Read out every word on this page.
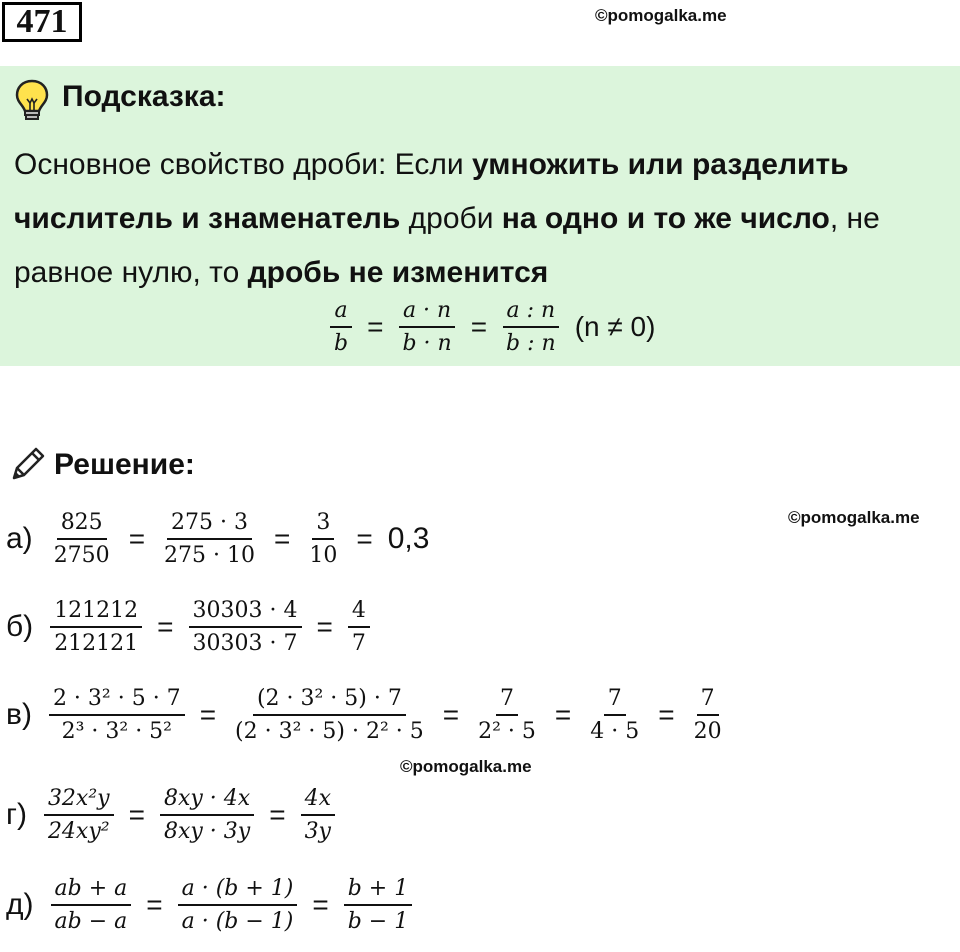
471	©pomogalka.me
©pomogalka.me
©pomogalka.me
Подсказка:
Основное свойство дроби: Если умножить или разделить
числитель и знаменатель дроби на одно и то же число, не
равное нулю, то дробь не изменится
$\frac{a}{b} = \frac{a \cdot n}{b \cdot n} = \frac{a : n}{b : n} (n \ne 0)$
Решение:
$а) \frac{825}{2750} = \frac{275 \cdot 3}{275 \cdot 10} = \frac{3}{10} = 0,3$
$б) \frac{121212}{212121} = \frac{30303 \cdot 4}{30303 \cdot 7} = \frac{4}{7}$
$в) \frac{\text{2 · 3² · 5 · 7}}{\text{2³ · 3² · 5²}} = \frac{\text{(2 · 3² · 5) · 7}}{\text{(2 · 3² · 5) · 2² · 5}} = \frac{7}{\text{2² · 5}} = \frac{7}{4 \cdot 5} = \frac{7}{20}$
$г) \frac{\text{32x²y}}{\text{24xy²}} = \frac{8xy \cdot 4x}{8xy \cdot 3y} = \frac{4x}{3y}$
$д) \frac{ab + a}{ab - a} = \frac{a \cdot (b + 1)}{a \cdot (b - 1)} = \frac{b + 1}{b - 1}$
